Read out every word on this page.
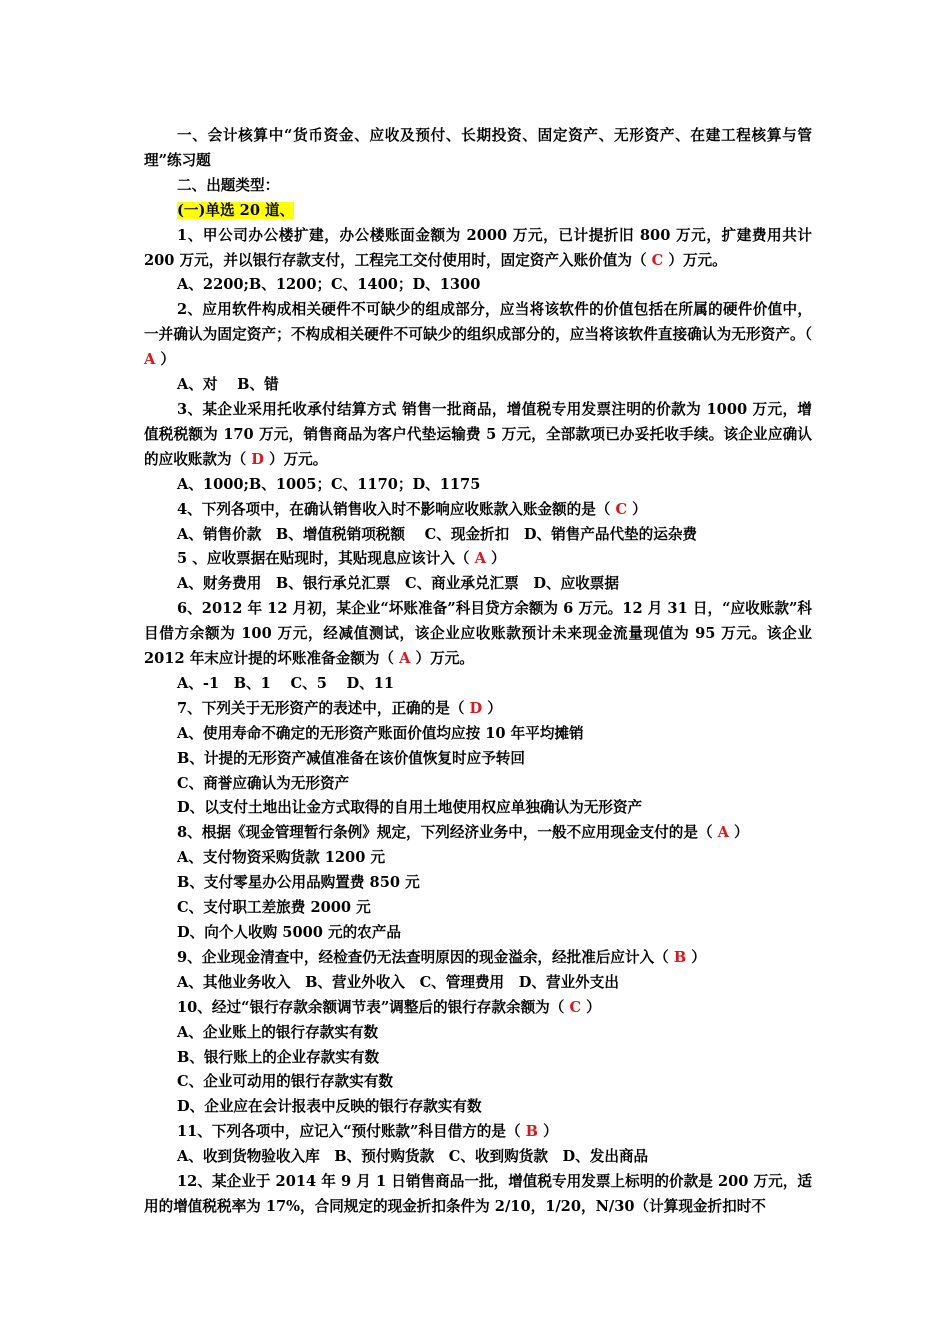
一、会计核算中“货币资金、应收及预付、长期投资、固定资产、无形资产、在建工程核算与管理”练习题

二、出题类型：

(一)单选 20 道、

1、甲公司办公楼扩建，办公楼账面金额为 2000 万元，已计提折旧 800 万元，扩建费用共计 200 万元，并以银行存款支付，工程完工交付使用时，固定资产入账价值为（ C ）万元。

A、2200;B、1200；C、1400；D、1300

2、应用软件构成相关硬件不可缺少的组成部分，应当将该软件的价值包括在所属的硬件价值中，一并确认为固定资产；不构成相关硬件不可缺少的组织成部分的，应当将该软件直接确认为无形资产。（ A ）

A、对 　B、错

3、某企业采用托收承付结算方式 销售一批商品，增值税专用发票注明的价款为 1000 万元，增值税税额为 170 万元，销售商品为客户代垫运输费 5 万元，全部款项已办妥托收手续。该企业应确认的应收账款为（ D ）万元。

A、1000;B、1005；C、1170；D、1175

4、下列各项中，在确认销售收入时不影响应收账款入账金额的是（ C ）

A、销售价款　B、增值税销项税额　 C、现金折扣　D、销售产品代垫的运杂费

5 、应收票据在贴现时，其贴现息应该计入（ A ）

A、财务费用　B、银行承兑汇票　C、商业承兑汇票　D、应收票据

6、2012 年 12 月初，某企业“坏账准备”科目贷方余额为 6 万元。12 月 31 日，“应收账款”科目借方余额为 100 万元，经减值测试，该企业应收账款预计未来现金流量现值为 95 万元。该企业 2012 年末应计提的坏账准备金额为（ A ）万元。

A、-1　B、1　 C、5　 D、11

7、下列关于无形资产的表述中，正确的是（ D ）

A、使用寿命不确定的无形资产账面价值均应按 10 年平均摊销

B、计提的无形资产减值准备在该价值恢复时应予转回

C、商誉应确认为无形资产

D、以支付土地出让金方式取得的自用土地使用权应单独确认为无形资产

8、根据《现金管理暂行条例》规定，下列经济业务中，一般不应用现金支付的是（ A ）

A、支付物资采购货款 1200 元

B、支付零星办公用品购置费 850 元

C、支付职工差旅费 2000 元

D、向个人收购 5000 元的农产品

9、企业现金清查中，经检查仍无法查明原因的现金溢余，经批准后应计入（ B ）

A、其他业务收入　B、营业外收入　C、管理费用　D、营业外支出

10、经过“银行存款余额调节表”调整后的银行存款余额为（ C ）

A、企业账上的银行存款实有数

B、银行账上的企业存款实有数

C、企业可动用的银行存款实有数

D、企业应在会计报表中反映的银行存款实有数

11、下列各项中，应记入“预付账款”科目借方的是（ B ）

A、收到货物验收入库　B、预付购货款　C、收到购货款　D、发出商品

12、某企业于 2014 年 9 月 1 日销售商品一批，增值税专用发票上标明的价款是 200 万元，适用的增值税税率为 17%，合同规定的现金折扣条件为 2/10，1/20，N/30（计算现金折扣时不
